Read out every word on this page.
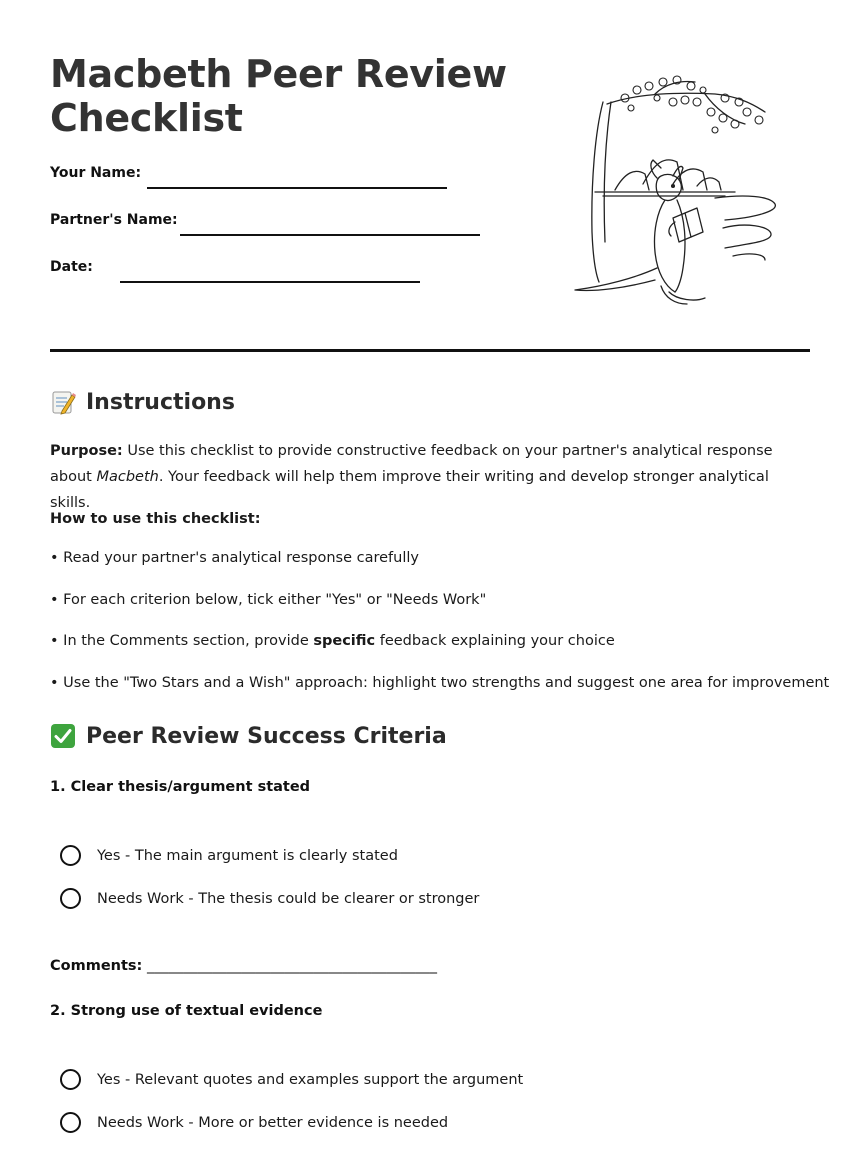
Macbeth Peer Review Checklist
Your Name:
Partner's Name:
Date:
Instructions
Purpose: Use this checklist to provide constructive feedback on your partner's analytical response about Macbeth. Your feedback will help them improve their writing and develop stronger analytical skills.
How to use this checklist:
• Read your partner's analytical response carefully
• For each criterion below, tick either "Yes" or "Needs Work"
• In the Comments section, provide specific feedback explaining your choice
• Use the "Two Stars and a Wish" approach: highlight two strengths and suggest one area for improvement
Peer Review Success Criteria
1. Clear thesis/argument stated
Yes - The main argument is clearly stated
Needs Work - The thesis could be clearer or stronger
Comments: ________________________________________
2. Strong use of textual evidence
Yes - Relevant quotes and examples support the argument
Needs Work - More or better evidence is needed
